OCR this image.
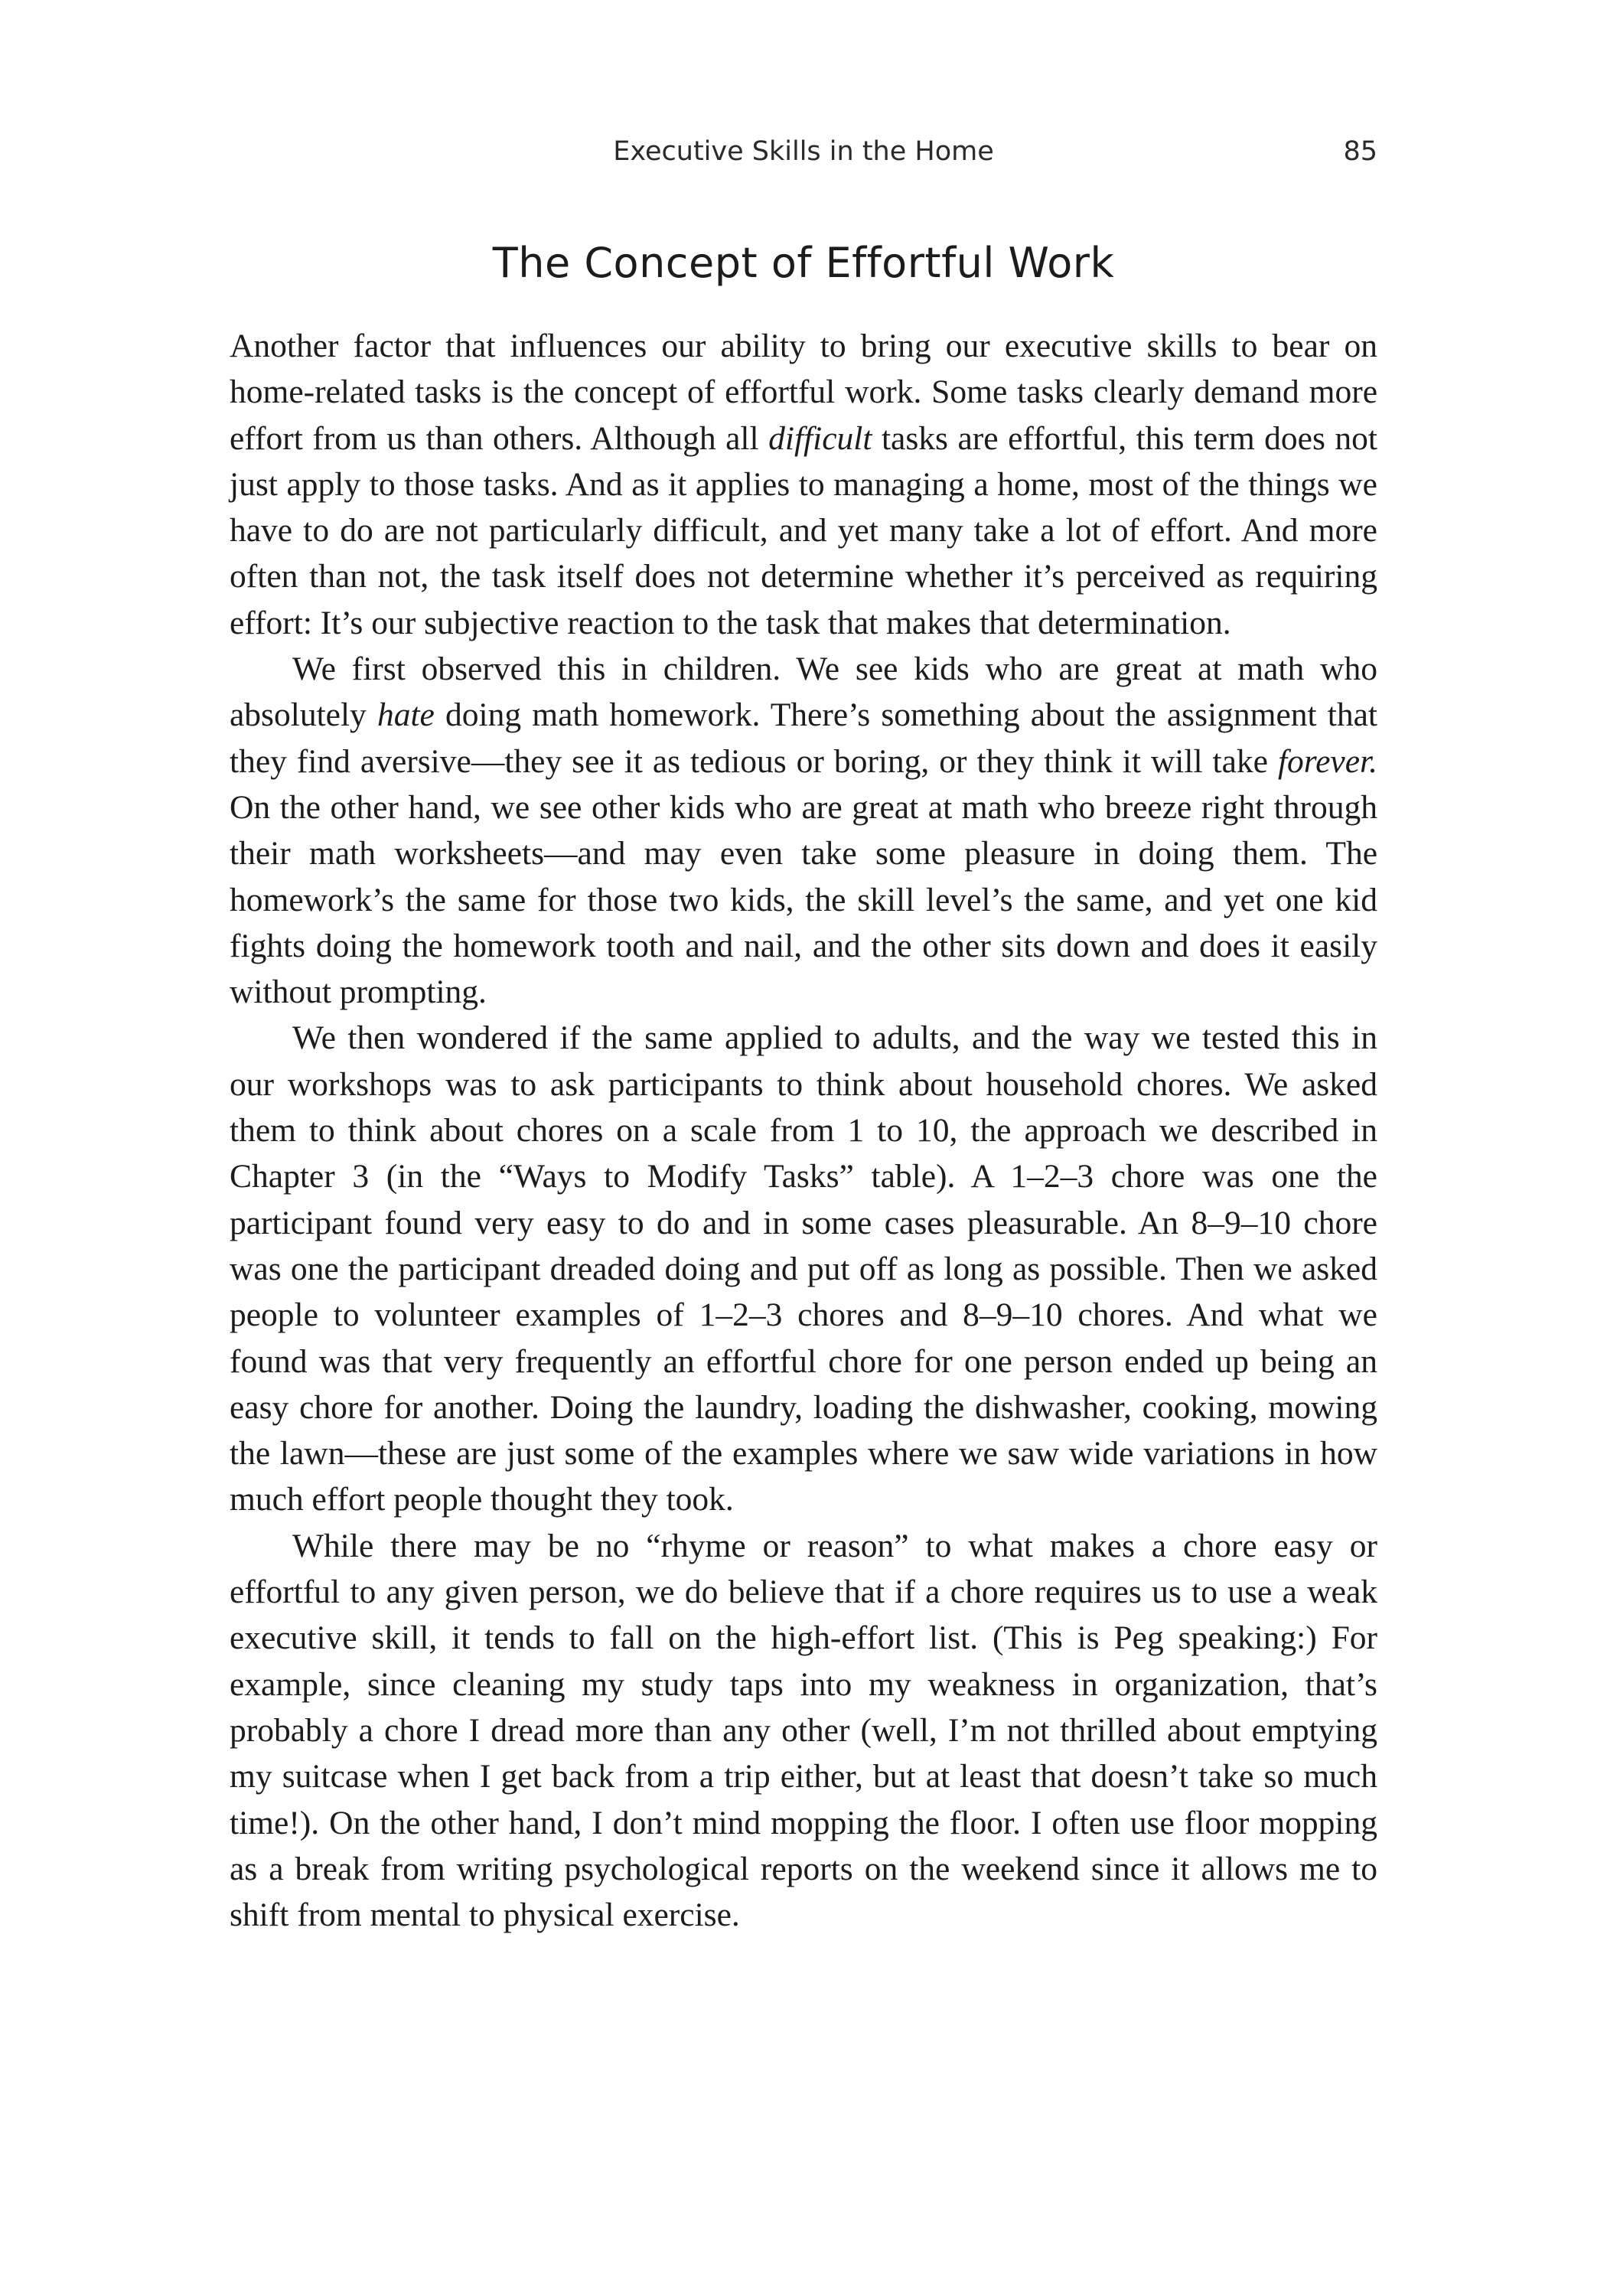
Executive Skills in the Home	85
The Concept of Effortful Work

Another factor that influences our ability to bring our executive skills to bear on home-related tasks is the concept of effortful work. Some tasks clearly demand more effort from us than others. Although all difficult tasks are effortful, this term does not just apply to those tasks. And as it applies to managing a home, most of the things we have to do are not particularly difficult, and yet many take a lot of effort. And more often than not, the task itself does not determine whether it’s perceived as requiring effort: It’s our subjective reaction to the task that makes that determination.

We first observed this in children. We see kids who are great at math who absolutely hate doing math homework. There’s something about the assignment that they find aversive—they see it as tedious or boring, or they think it will take forever. On the other hand, we see other kids who are great at math who breeze right through their math worksheets—and may even take some pleasure in doing them. The homework’s the same for those two kids, the skill level’s the same, and yet one kid fights doing the homework tooth and nail, and the other sits down and does it easily without prompting.

We then wondered if the same applied to adults, and the way we tested this in our workshops was to ask participants to think about household chores. We asked them to think about chores on a scale from 1 to 10, the approach we described in Chapter 3 (in the “Ways to Modify Tasks” table). A 1–2–3 chore was one the participant found very easy to do and in some cases pleasurable. An 8–9–10 chore was one the participant dreaded doing and put off as long as possible. Then we asked people to volunteer examples of 1–2–3 chores and 8–9–10 chores. And what we found was that very frequently an effortful chore for one person ended up being an easy chore for another. Doing the laundry, loading the dishwasher, cooking, mowing the lawn—these are just some of the examples where we saw wide variations in how much effort people thought they took.

While there may be no “rhyme or reason” to what makes a chore easy or effortful to any given person, we do believe that if a chore requires us to use a weak executive skill, it tends to fall on the high-effort list. (This is Peg speaking:) For example, since cleaning my study taps into my weakness in organization, that’s probably a chore I dread more than any other (well, I’m not thrilled about emptying my suitcase when I get back from a trip either, but at least that doesn’t take so much time!). On the other hand, I don’t mind mopping the floor. I often use floor mopping as a break from writing psychological reports on the weekend since it allows me to shift from mental to physical exercise.
